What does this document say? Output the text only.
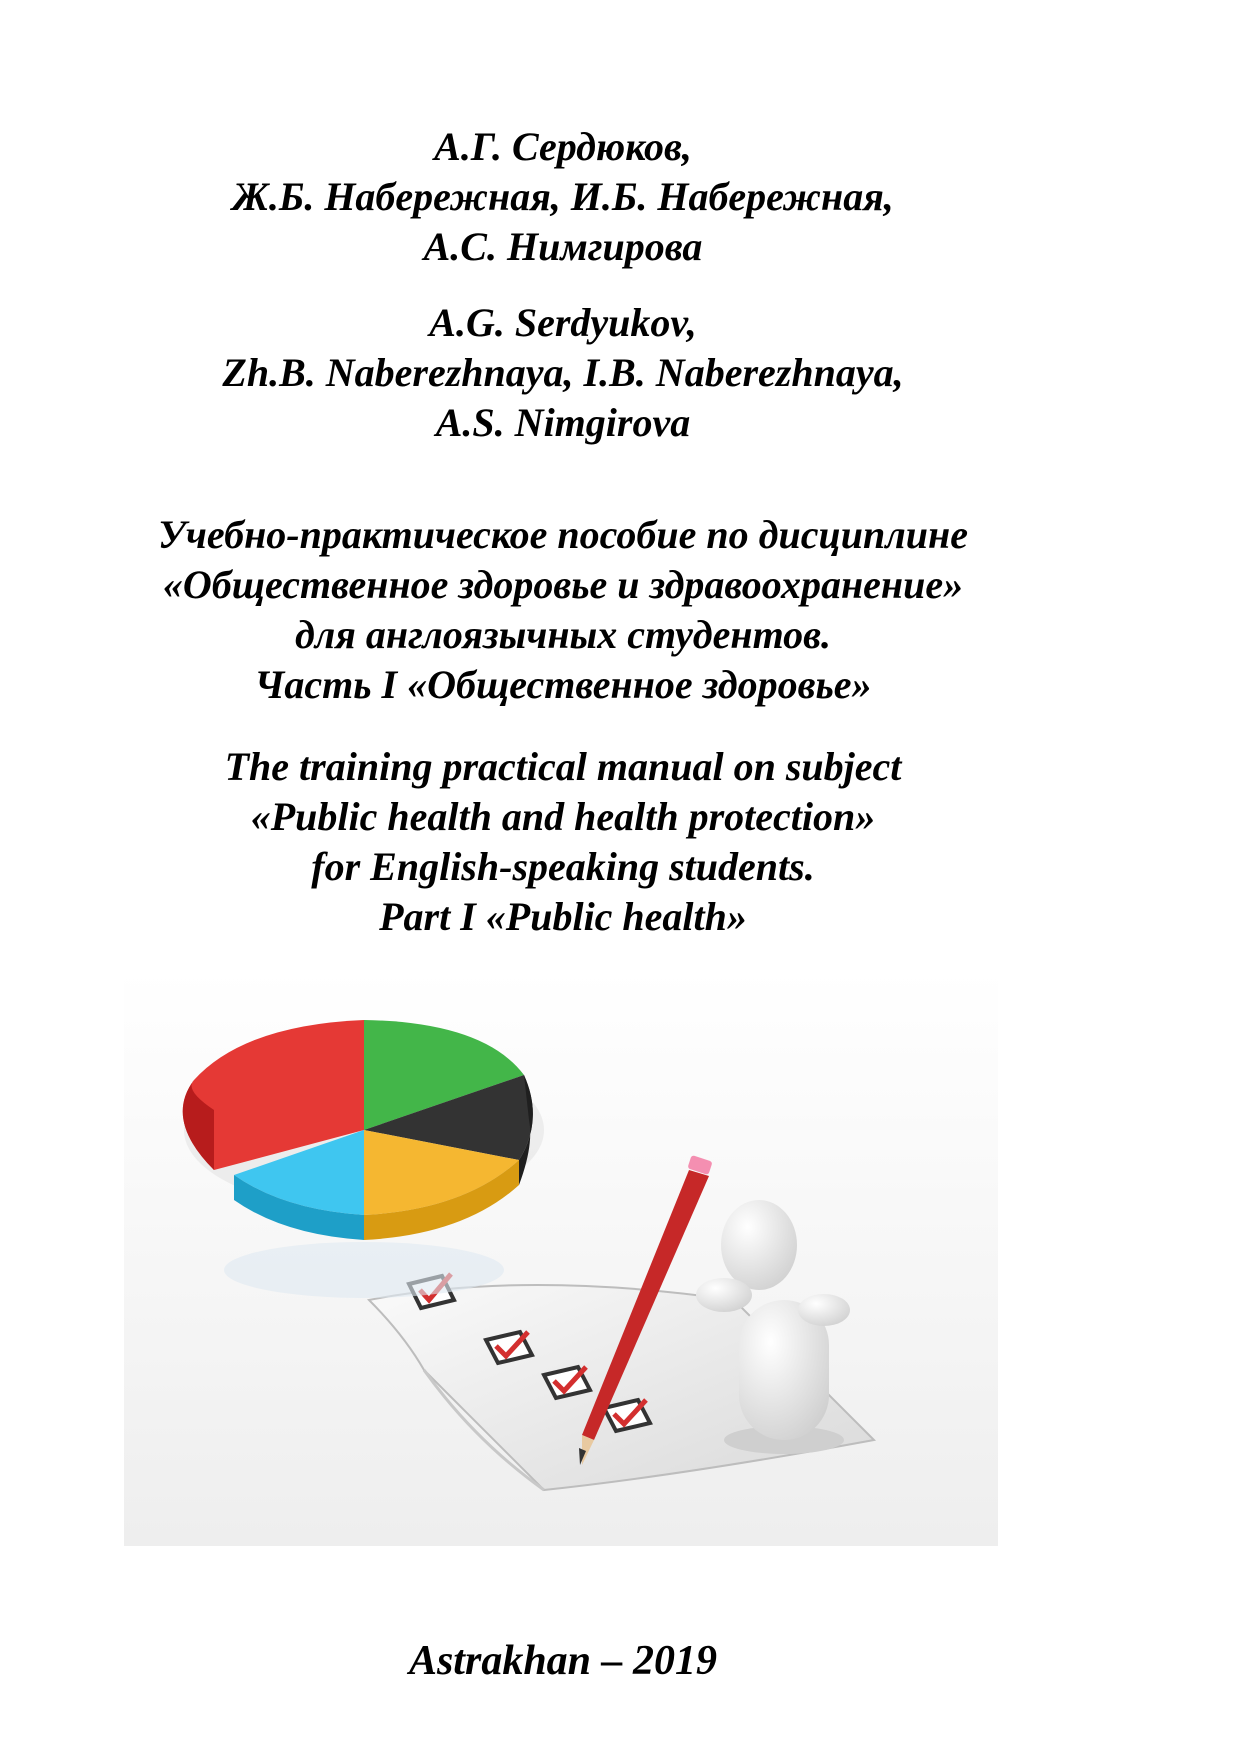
А.Г. Сердюков,
Ж.Б. Набережная, И.Б. Набережная,
А.С. Нимгирова
A.G. Serdyukov,
Zh.B. Naberezhnaya, I.B. Naberezhnaya,
A.S. Nimgirova
Учебно-практическое пособие по дисциплине
«Общественное здоровье и здравоохранение»
для англоязычных студентов.
Часть I «Общественное здоровье»
The training practical manual on subject
«Public health and health protection»
for English-speaking students.
Part I «Public health»
Astrakhan – 2019
